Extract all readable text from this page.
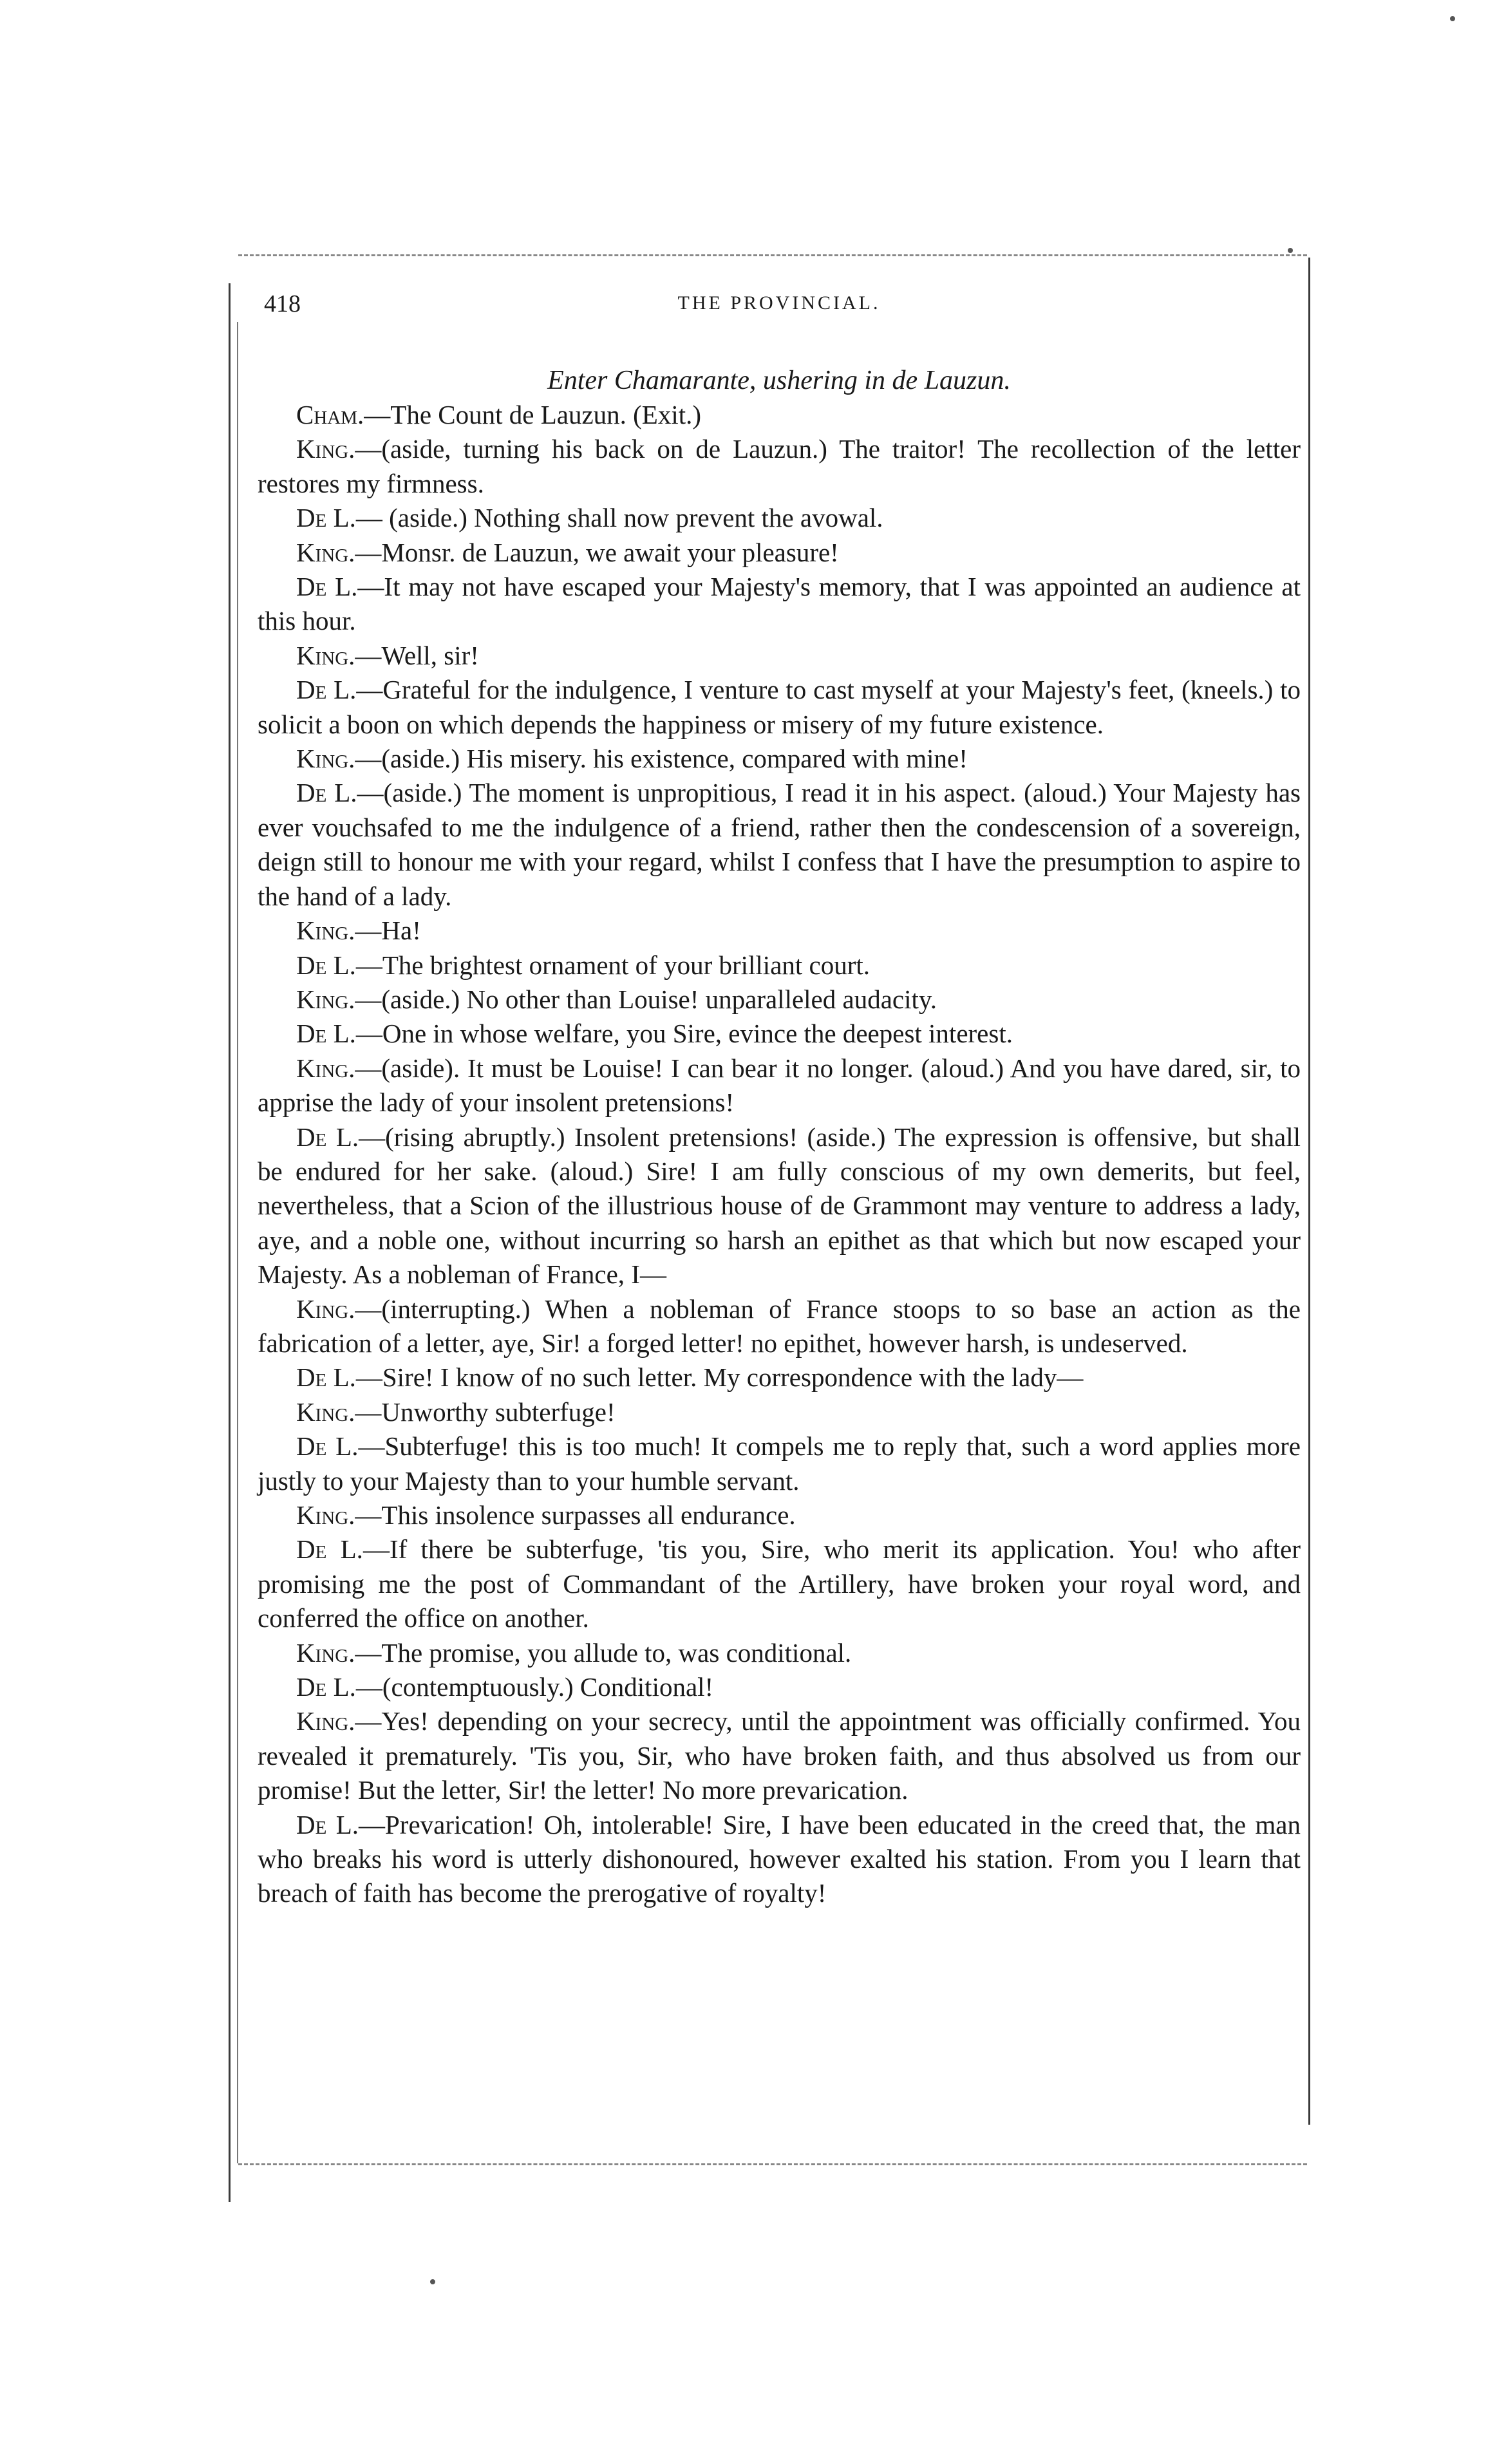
418	THE PROVINCIAL.

Enter Chamarante, ushering in de Lauzun.

Cham.—The Count de Lauzun. (Exit.)

King.—(aside, turning his back on de Lauzun.) The traitor! The recollection of the letter restores my firmness.

De L.— (aside.) Nothing shall now prevent the avowal.

King.—Monsr. de Lauzun, we await your pleasure!

De L.—It may not have escaped your Majesty's memory, that I was appointed an audience at this hour.

King.—Well, sir!

De L.—Grateful for the indulgence, I venture to cast myself at your Majesty's feet, (kneels.) to solicit a boon on which depends the happiness or misery of my future existence.

King.—(aside.) His misery. his existence, compared with mine!

De L.—(aside.) The moment is unpropitious, I read it in his aspect. (aloud.) Your Majesty has ever vouchsafed to me the indulgence of a friend, rather then the condescension of a sovereign, deign still to honour me with your regard, whilst I confess that I have the presumption to aspire to the hand of a lady.

King.—Ha!

De L.—The brightest ornament of your brilliant court.

King.—(aside.) No other than Louise! unparalleled audacity.

De L.—One in whose welfare, you Sire, evince the deepest interest.

King.—(aside). It must be Louise! I can bear it no longer. (aloud.) And you have dared, sir, to apprise the lady of your insolent pretensions!

De L.—(rising abruptly.) Insolent pretensions! (aside.) The expression is offensive, but shall be endured for her sake. (aloud.) Sire! I am fully conscious of my own demerits, but feel, nevertheless, that a Scion of the illustrious house of de Grammont may venture to address a lady, aye, and a noble one, without incurring so harsh an epithet as that which but now escaped your Majesty. As a nobleman of France, I—

King.—(interrupting.) When a nobleman of France stoops to so base an action as the fabrication of a letter, aye, Sir! a forged letter! no epithet, however harsh, is undeserved.

De L.—Sire! I know of no such letter. My correspondence with the lady—

King.—Unworthy subterfuge!

De L.—Subterfuge! this is too much! It compels me to reply that, such a word applies more justly to your Majesty than to your humble servant.

King.—This insolence surpasses all endurance.

De L.—If there be subterfuge, 'tis you, Sire, who merit its application. You! who after promising me the post of Commandant of the Artillery, have broken your royal word, and conferred the office on another.

King.—The promise, you allude to, was conditional.

De L.—(contemptuously.) Conditional!

King.—Yes! depending on your secrecy, until the appointment was officially confirmed. You revealed it prematurely. 'Tis you, Sir, who have broken faith, and thus absolved us from our promise! But the letter, Sir! the letter! No more prevarication.

De L.—Prevarication! Oh, intolerable! Sire, I have been educated in the creed that, the man who breaks his word is utterly dishonoured, however exalted his station. From you I learn that breach of faith has become the prerogative of royalty!
